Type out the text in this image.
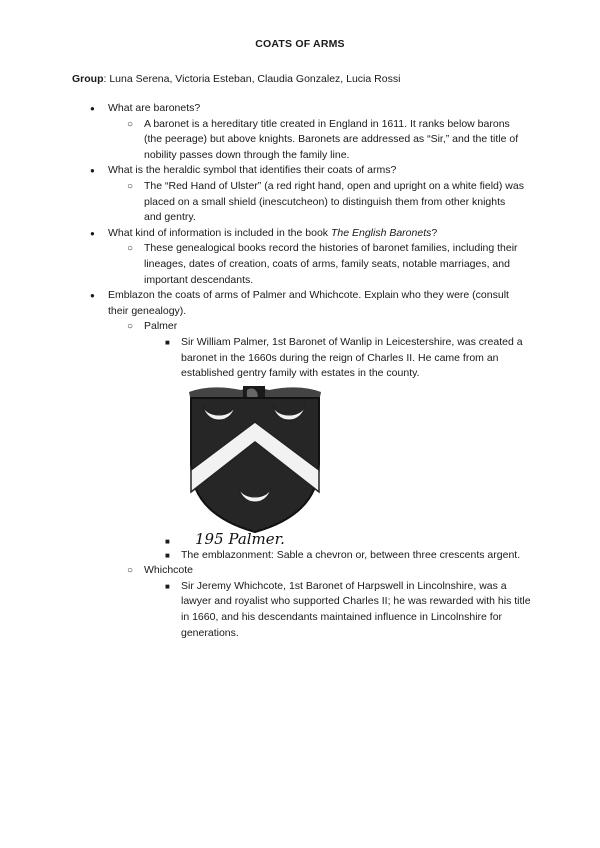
COATS OF ARMS
Group: Luna Serena, Victoria Esteban, Claudia Gonzalez, Lucia Rossi
● What are baronets?
○ A baronet is a hereditary title created in England in 1611. It ranks below barons (the peerage) but above knights. Baronets are addressed as “Sir,” and the title of nobility passes down through the family line.
● What is the heraldic symbol that identifies their coats of arms?
○ The “Red Hand of Ulster” (a red right hand, open and upright on a white field) was placed on a small shield (inescutcheon) to distinguish them from other knights and gentry.
● What kind of information is included in the book The English Baronets?
○ These genealogical books record the histories of baronet families, including their lineages, dates of creation, coats of arms, family seats, notable marriages, and important descendants.
● Emblazon the coats of arms of Palmer and Whichcote. Explain who they were (consult their genealogy).
○ Palmer
■ Sir William Palmer, 1st Baronet of Wanlip in Leicestershire, was created a baronet in the 1660s during the reign of Charles II. He came from an established gentry family with estates in the county.
■ 195 Palmer.
■ The emblazonment: Sable a chevron or, between three crescents argent.
○ Whichcote
■ Sir Jeremy Whichcote, 1st Baronet of Harpswell in Lincolnshire, was a lawyer and royalist who supported Charles II; he was rewarded with his title in 1660, and his descendants maintained influence in Lincolnshire for generations.
